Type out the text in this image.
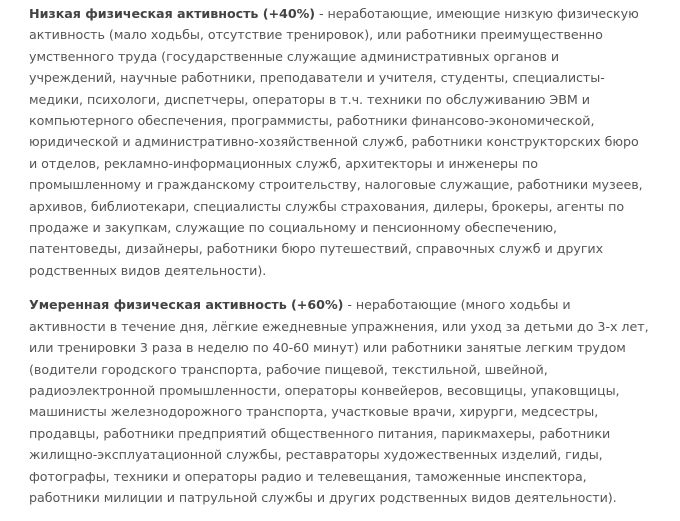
Низкая физическая активность (+40%) - неработающие, имеющие низкую физическую активность (мало ходьбы, отсутствие тренировок), или работники преимущественно умственного труда (государственные служащие административных органов и учреждений, научные работники, преподаватели и учителя, студенты, специалисты-медики, психологи, диспетчеры, операторы в т.ч. техники по обслуживанию ЭВМ и компьютерного обеспечения, программисты, работники финансово-экономической, юридической и административно-хозяйственной служб, работники конструкторских бюро и отделов, рекламно-информационных служб, архитекторы и инженеры по промышленному и гражданскому строительству, налоговые служащие, работники музеев, архивов, библиотекари, специалисты службы страхования, дилеры, брокеры, агенты по продаже и закупкам, служащие по социальному и пенсионному обеспечению, патентоведы, дизайнеры, работники бюро путешествий, справочных служб и других родственных видов деятельности).

Умеренная физическая активность (+60%) - неработающие (много ходьбы и активности в течение дня, лёгкие ежедневные упражнения, или уход за детьми до 3-х лет, или тренировки 3 раза в неделю по 40-60 минут) или работники занятые легким трудом (водители городского транспорта, рабочие пищевой, текстильной, швейной, радиоэлектронной промышленности, операторы конвейеров, весовщицы, упаковщицы, машинисты железнодорожного транспорта, участковые врачи, хирурги, медсестры, продавцы, работники предприятий общественного питания, парикмахеры, работники жилищно-эксплуатационной службы, реставраторы художественных изделий, гиды, фотографы, техники и операторы радио и телевещания, таможенные инспектора, работники милиции и патрульной службы и других родственных видов деятельности).
